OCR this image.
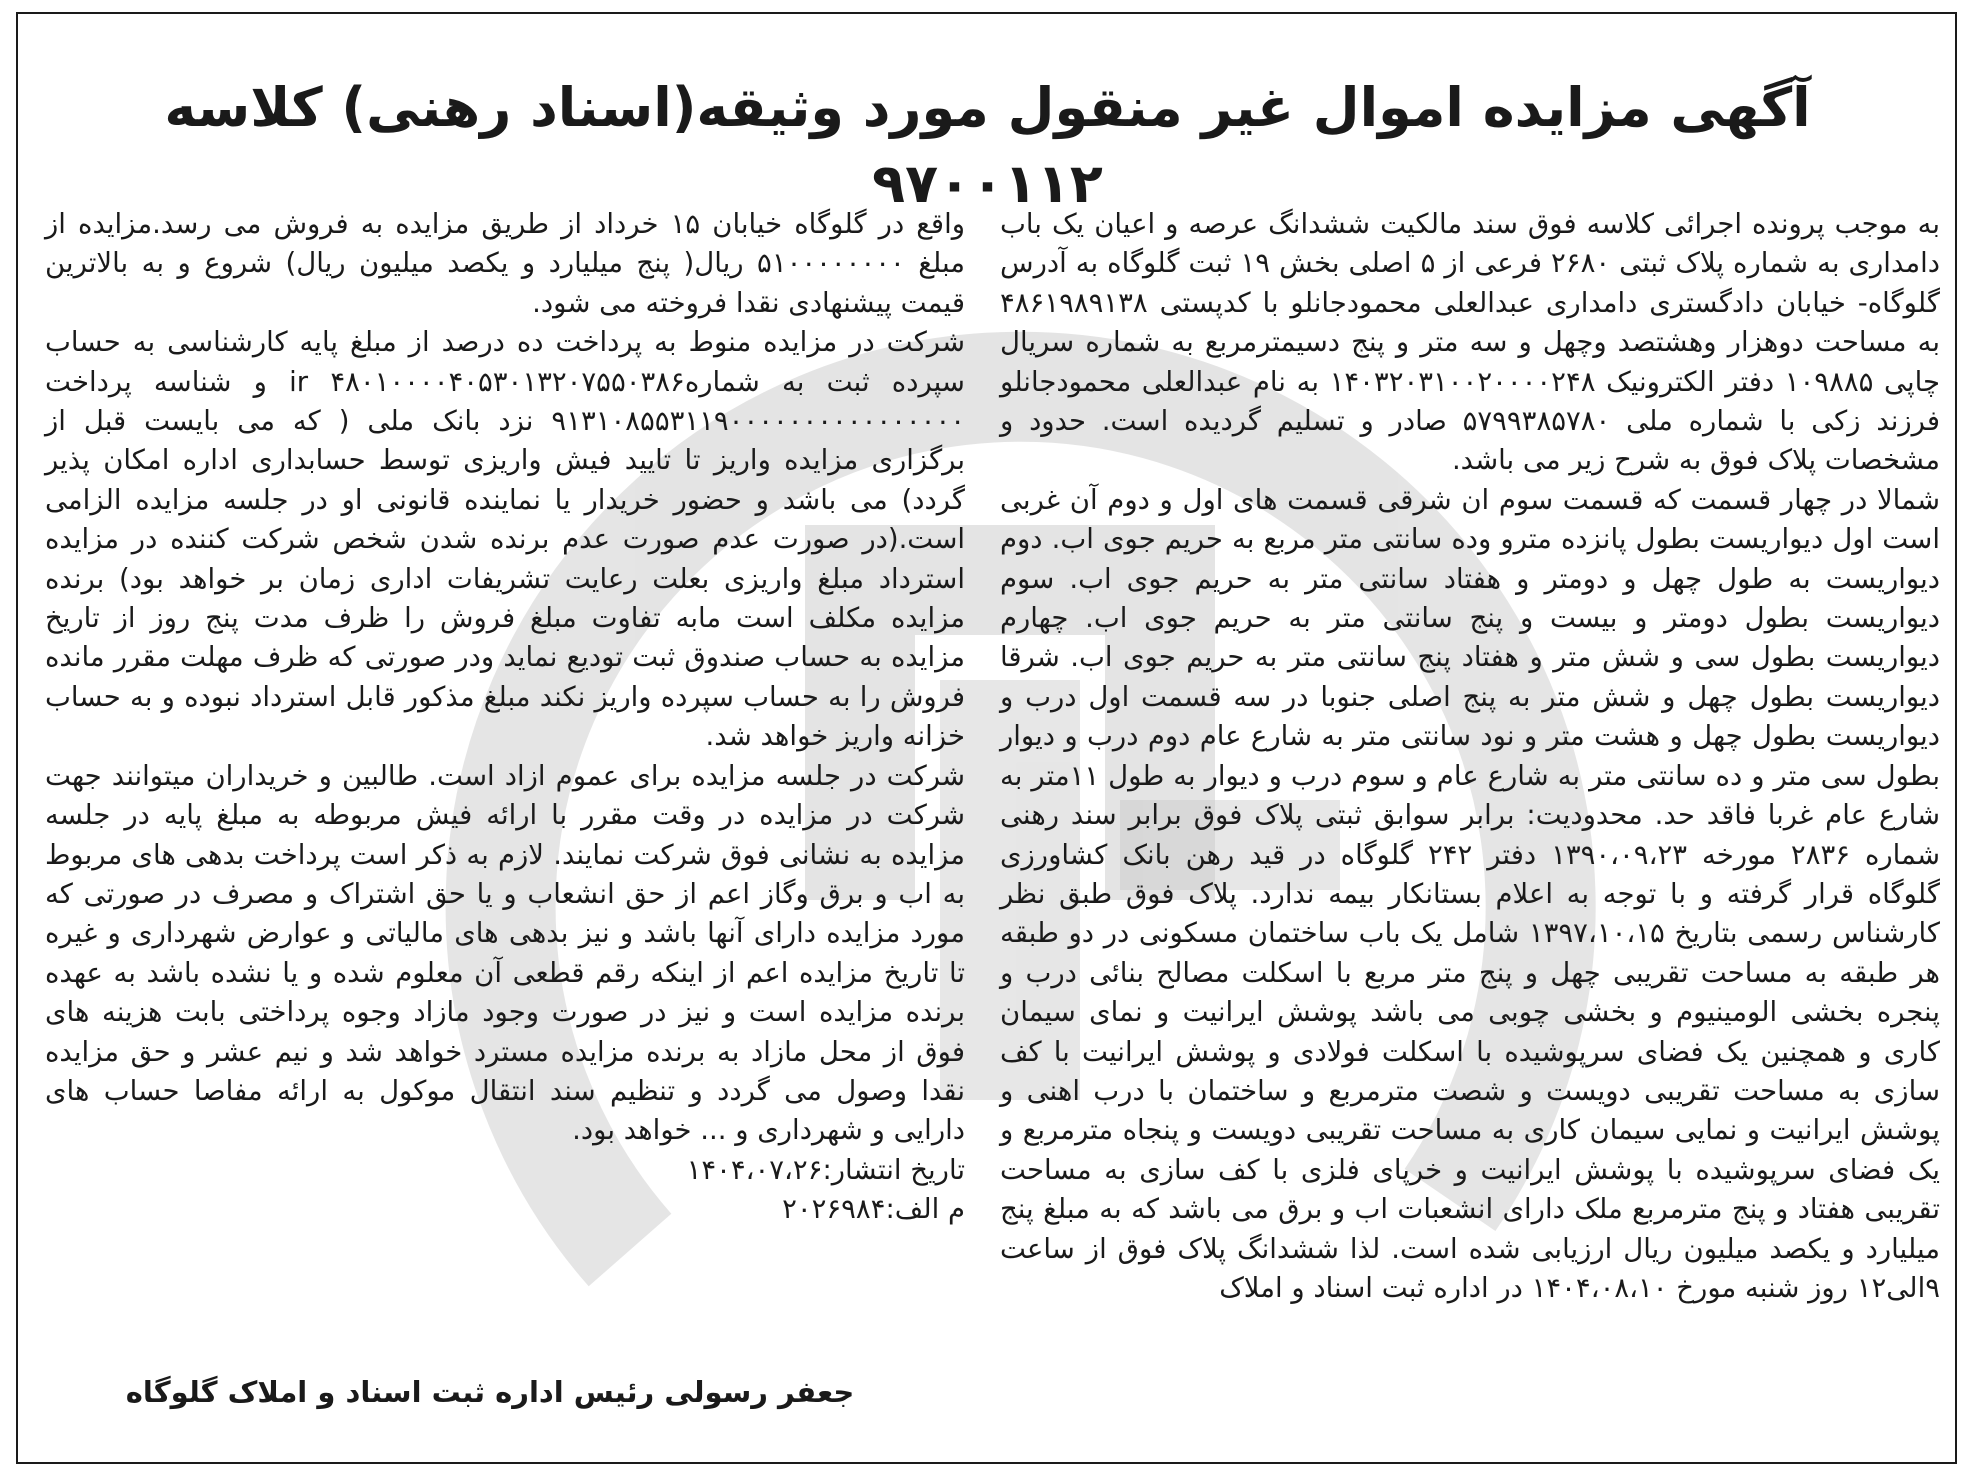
آگهی مزایده اموال غیر منقول مورد وثیقه(اسناد رهنی) کلاسه ۹۷۰۰۱۱۲

به موجب پرونده اجرائی کلاسه فوق سند مالکیت ششدانگ عرصه و اعیان یک باب دامداری به شماره پلاک ثبتی ۲۶۸۰ فرعی از ۵ اصلی بخش ۱۹ ثبت گلوگاه به آدرس گلوگاه- خیابان دادگستری دامداری عبدالعلی محمودجانلو با کدپستی ۴۸۶۱۹۸۹۱۳۸ به مساحت دوهزار وهشتصد وچهل و سه متر و پنج دسیمترمربع به شماره سریال چاپی ۱۰۹۸۸۵ دفتر الکترونیک ۱۴۰۳۲۰۳۱۰۰۲۰۰۰۰۲۴۸ به نام عبدالعلی محمودجانلو فرزند زکی با شماره ملی ۵۷۹۹۳۸۵۷۸۰ صادر و تسلیم گردیده است. حدود و مشخصات پلاک فوق به شرح زیر می باشد.

شمالا در چهار قسمت که قسمت سوم ان شرقی قسمت های اول و دوم آن غربی است اول دیواریست بطول پانزده مترو وده سانتی متر مربع به حریم جوی اب. دوم دیواریست به طول چهل و دومتر و هفتاد سانتی متر به حریم جوی اب. سوم دیواریست بطول دومتر و بیست و پنج سانتی متر به حریم جوی اب. چهارم دیواریست بطول سی و شش متر و هفتاد پنج سانتی متر به حریم جوی اب. شرقا دیواریست بطول چهل و شش متر به پنج اصلی جنوبا در سه قسمت اول درب و دیواریست بطول چهل و هشت متر و نود سانتی متر به شارع عام دوم درب و دیوار بطول سی متر و ده سانتی متر به شارع عام و سوم درب و دیوار به طول ۱۱متر به شارع عام غربا فاقد حد. محدودیت: برابر سوابق ثبتی پلاک فوق برابر سند رهنی شماره ۲۸۳۶ مورخه ۱۳۹۰،۰۹،۲۳ دفتر ۲۴۲ گلوگاه در قید رهن بانک کشاورزی گلوگاه قرار گرفته و با توجه به اعلام بستانکار بیمه ندارد. پلاک فوق طبق نظر کارشناس رسمی بتاریخ ۱۳۹۷،۱۰،۱۵ شامل یک باب ساختمان مسکونی در دو طبقه هر طبقه به مساحت تقریبی چهل و پنج متر مربع با اسکلت مصالح بنائی درب و پنجره بخشی الومینیوم و بخشی چوبی می باشد پوشش ایرانیت و نمای سیمان کاری و همچنین یک فضای سرپوشیده با اسکلت فولادی و پوشش ایرانیت با کف سازی به مساحت تقریبی دویست و شصت مترمربع و ساختمان با درب اهنی و پوشش ایرانیت و نمایی سیمان کاری به مساحت تقریبی دویست و پنجاه مترمربع و یک فضای سرپوشیده با پوشش ایرانیت و خرپای فلزی با کف سازی به مساحت تقریبی هفتاد و پنج مترمربع ملک دارای انشعبات اب و برق می باشد که به مبلغ پنج میلیارد و یکصد میلیون ریال ارزیابی شده است. لذا ششدانگ پلاک فوق از ساعت ۹الی۱۲ روز شنبه مورخ ۱۴۰۴،۰۸،۱۰ در اداره ثبت اسناد و املاک

واقع در گلوگاه خیابان ۱۵ خرداد از طریق مزایده به فروش می رسد.مزایده از مبلغ ۵۱۰۰۰۰۰۰۰۰ ریال( پنج میلیارد و یکصد میلیون ریال) شروع و به بالاترین قیمت پیشنهادی نقدا فروخته می شود.

شرکت در مزایده منوط به پرداخت ده درصد از مبلغ پایه کارشناسی به حساب سپرده ثبت به شماره۴۸۰۱۰۰۰۰۴۰۵۳۰۱۳۲۰۷۵۵۰۳۸۶ ir و شناسه پرداخت ۹۱۳۱۰۸۵۵۳۱۱۹۰۰۰۰۰۰۰۰۰۰۰۰۰۰۰۰ نزد بانک ملی ( که می بایست قبل از برگزاری مزایده واریز تا تایید فیش واریزی توسط حسابداری اداره امکان پذیر گردد) می باشد و حضور خریدار یا نماینده قانونی او در جلسه مزایده الزامی است.(در صورت عدم صورت عدم برنده شدن شخص شرکت کننده در مزایده استرداد مبلغ واریزی بعلت رعایت تشریفات اداری زمان بر خواهد بود) برنده مزایده مکلف است مابه تفاوت مبلغ فروش را ظرف مدت پنج روز از تاریخ مزایده به حساب صندوق ثبت تودیع نماید ودر صورتی که ظرف مهلت مقرر مانده فروش را به حساب سپرده واریز نکند مبلغ مذکور قابل استرداد نبوده و به حساب خزانه واریز خواهد شد.

شرکت در جلسه مزایده برای عموم ازاد است. طالبین و خریداران میتوانند جهت شرکت در مزایده در وقت مقرر با ارائه فیش مربوطه به مبلغ پایه در جلسه مزایده به نشانی فوق شرکت نمایند. لازم به ذکر است پرداخت بدهی های مربوط به اب و برق وگاز اعم از حق انشعاب و یا حق اشتراک و مصرف در صورتی که مورد مزایده دارای آنها باشد و نیز بدهی های مالیاتی و عوارض شهرداری و غیره تا تاریخ مزایده اعم از اینکه رقم قطعی آن معلوم شده و یا نشده باشد به عهده برنده مزایده است و نیز در صورت وجود مازاد وجوه پرداختی بابت هزینه های فوق از محل مازاد به برنده مزایده مسترد خواهد شد و نیم عشر و حق مزایده نقدا وصول می گردد و تنظیم سند انتقال موکول به ارائه مفاصا حساب های دارایی و شهرداری و ... خواهد بود.

تاریخ انتشار:۱۴۰۴،۰۷،۲۶
م الف:۲۰۲۶۹۸۴
جعفر رسولی رئیس اداره ثبت اسناد و املاک گلوگاه
